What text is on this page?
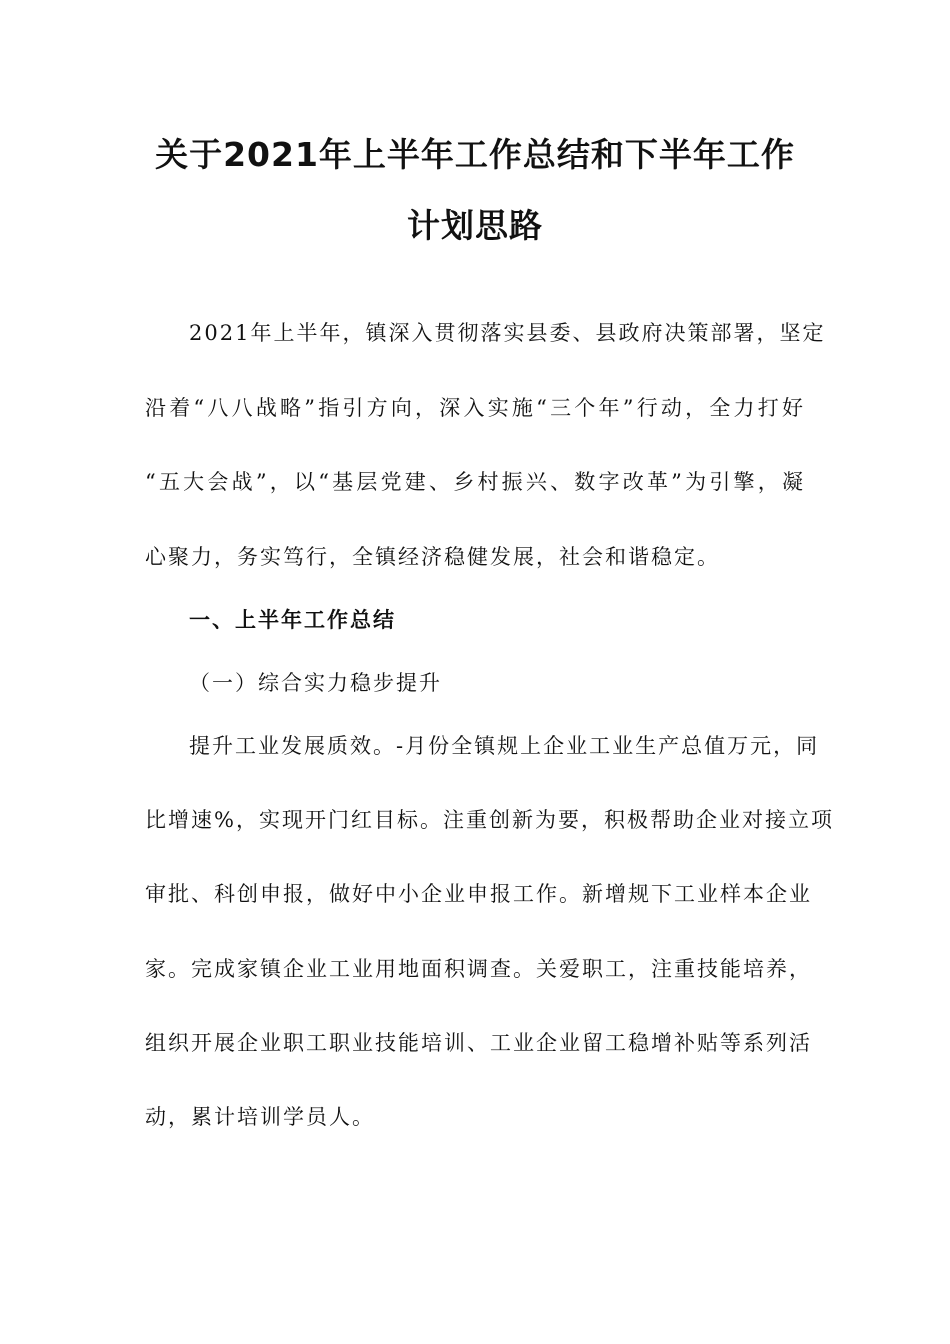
关于2021年上半年工作总结和下半年工作
计划思路
2021年上半年，镇深入贯彻落实县委、县政府决策部署，坚定
沿着“八八战略”指引方向，深入实施“三个年”行动，全力打好
“五大会战”，以“基层党建、乡村振兴、数字改革”为引擎，凝
心聚力，务实笃行，全镇经济稳健发展，社会和谐稳定。
一、上半年工作总结
（一）综合实力稳步提升
提升工业发展质效。-月份全镇规上企业工业生产总值万元，同
比增速%，实现开门红目标。注重创新为要，积极帮助企业对接立项
审批、科创申报，做好中小企业申报工作。新增规下工业样本企业
家。完成家镇企业工业用地面积调查。关爱职工，注重技能培养，
组织开展企业职工职业技能培训、工业企业留工稳增补贴等系列活
动，累计培训学员人。
